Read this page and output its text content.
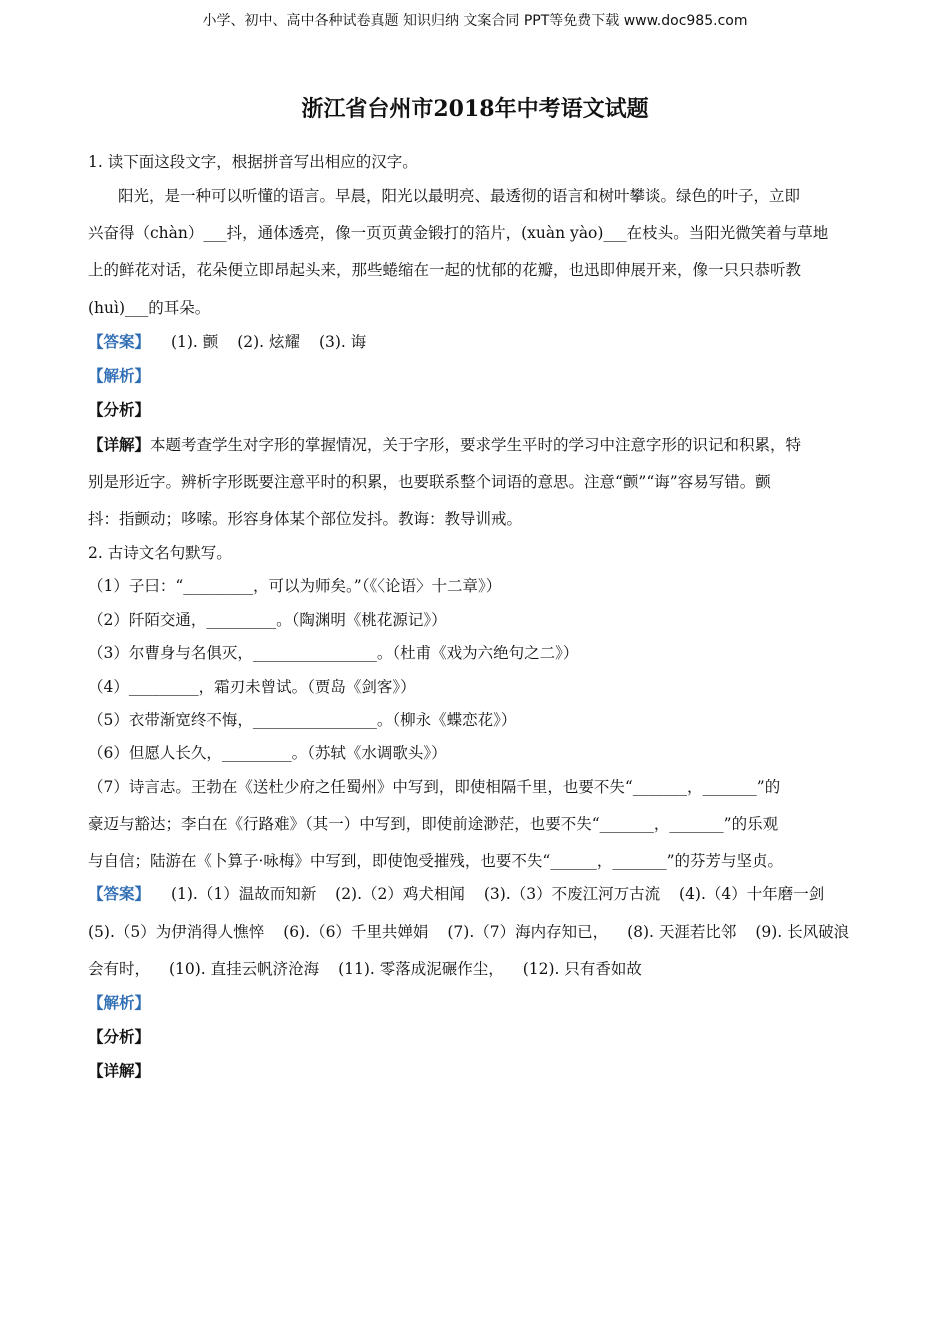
小学、初中、高中各种试卷真题 知识归纳 文案合同 PPT等免费下载 www.doc985.com
浙江省台州市2018年中考语文试题
1. 读下面这段文字，根据拼音写出相应的汉字。
阳光，是一种可以听懂的语言。早晨，阳光以最明亮、最透彻的语言和树叶攀谈。绿色的叶子，立即
兴奋得（chàn）___抖，通体透亮，像一页页黄金锻打的箔片，(xuàn yào)___在枝头。当阳光微笑着与草地
上的鲜花对话，花朵便立即昂起头来，那些蜷缩在一起的忧郁的花瓣，也迅即伸展开来，像一只只恭听教
(huì)___的耳朵。
【答案】 (1). 颤 (2). 炫耀 (3). 诲
【解析】
【分析】
【详解】本题考查学生对字形的掌握情况，关于字形，要求学生平时的学习中注意字形的识记和积累，特
别是形近字。辨析字形既要注意平时的积累，也要联系整个词语的意思。注意“颤”“诲”容易写错。颤
抖：指颤动；哆嗦。形容身体某个部位发抖。教诲：教导训戒。
2. 古诗文名句默写。
（1）子曰：“_________，可以为师矣。”（《〈论语〉十二章》）
（2）阡陌交通，_________。（陶渊明《桃花源记》）
（3）尔曹身与名俱灭，________________。（杜甫《戏为六绝句之二》）
（4）_________，霜刃未曾试。（贾岛《剑客》）
（5）衣带渐宽终不悔，________________。（柳永《蝶恋花》）
（6）但愿人长久，_________。（苏轼《水调歌头》）
（7）诗言志。王勃在《送杜少府之任蜀州》中写到，即使相隔千里，也要不失“_______，_______”的
豪迈与豁达；李白在《行路难》（其一）中写到，即使前途渺茫，也要不失“_______，_______”的乐观
与自信；陆游在《卜算子·咏梅》中写到，即使饱受摧残，也要不失“______，_______”的芬芳与坚贞。
【答案】 (1).（1）温故而知新 (2).（2）鸡犬相闻 (3).（3）不废江河万古流 (4).（4）十年磨一剑
(5).（5）为伊消得人憔悴 (6).（6）千里共婵娟 (7).（7）海内存知已， (8). 天涯若比邻 (9). 长风破浪
会有时， (10). 直挂云帆济沧海 (11). 零落成泥碾作尘， (12). 只有香如故
【解析】
【分析】
【详解】
